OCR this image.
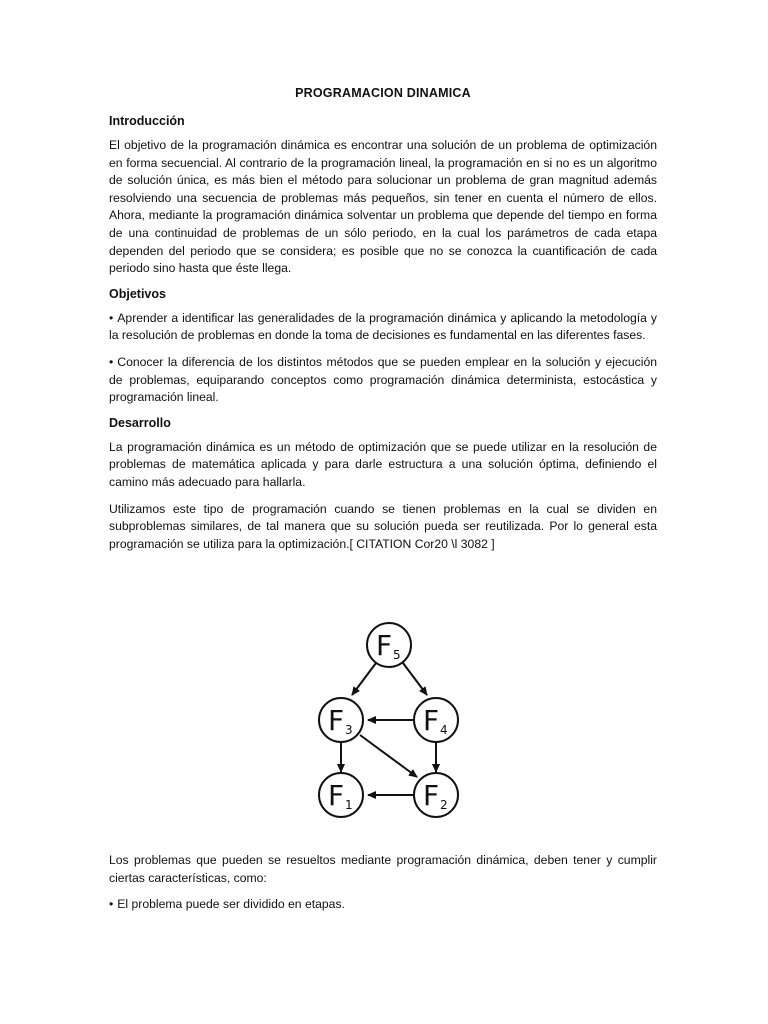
PROGRAMACION DINAMICA
Introducción
El objetivo de la programación dinámica es encontrar una solución de un problema de optimización en forma secuencial. Al contrario de la programación lineal, la programación en si no es un algoritmo de solución única, es más bien el método para solucionar un problema de gran magnitud además resolviendo una secuencia de problemas más pequeños, sin tener en cuenta el número de ellos. Ahora, mediante la programación dinámica solventar un problema que depende del tiempo en forma de una continuidad de problemas de un sólo periodo, en la cual los parámetros de cada etapa dependen del periodo que se considera; es posible que no se conozca la cuantificación de cada periodo sino hasta que éste llega.
Objetivos
• Aprender a identificar las generalidades de la programación dinámica y aplicando la metodología y la resolución de problemas en donde la toma de decisiones es fundamental en las diferentes fases.
• Conocer la diferencia de los distintos métodos que se pueden emplear en la solución y ejecución de problemas, equiparando conceptos como programación dinámica determinista, estocástica y programación lineal.
Desarrollo
La programación dinámica es un método de optimización que se puede utilizar en la resolución de problemas de matemática aplicada y para darle estructura a una solución óptima, definiendo el camino más adecuado para hallarla.
Utilizamos este tipo de programación cuando se tienen problemas en la cual se dividen en subproblemas similares, de tal manera que su solución pueda ser reutilizada. Por lo general esta programación se utiliza para la optimización.[ CITATION Cor20 \l 3082 ]
F 5
F 3	F 4
F 1	F 2
Los problemas que pueden se resueltos mediante programación dinámica, deben tener y cumplir ciertas características, como:
• El problema puede ser dividido en etapas.
